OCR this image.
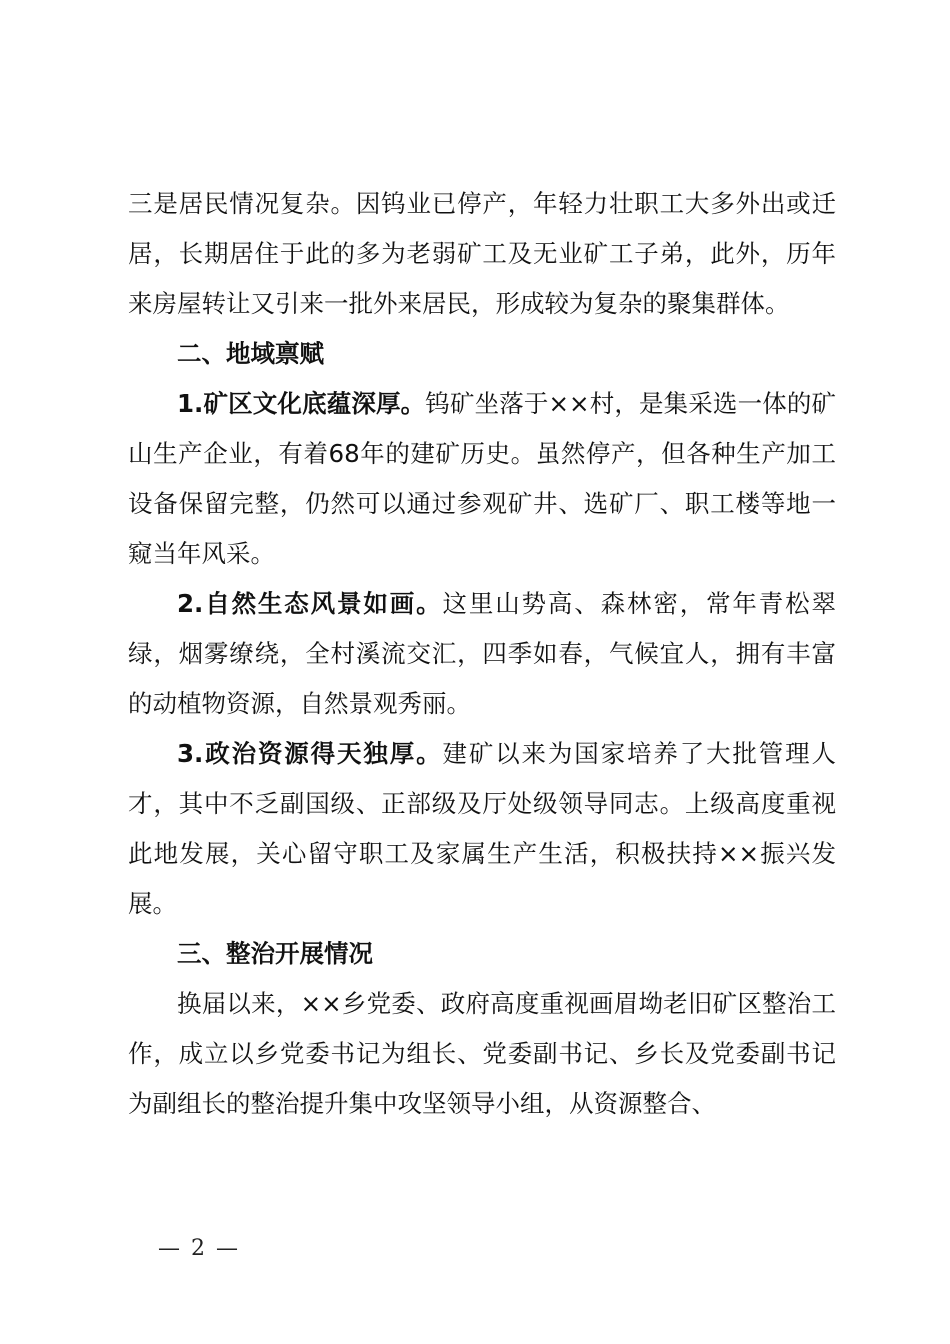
三是居民情况复杂。因钨业已停产，年轻力壮职工大多外出或迁居，长期居住于此的多为老弱矿工及无业矿工子弟，此外，历年来房屋转让又引来一批外来居民，形成较为复杂的聚集群体。

二、地域禀赋

1.矿区文化底蕴深厚。钨矿坐落于××村，是集采选一体的矿山生产企业，有着68年的建矿历史。虽然停产，但各种生产加工设备保留完整，仍然可以通过参观矿井、选矿厂、职工楼等地一窥当年风采。

2.自然生态风景如画。这里山势高、森林密，常年青松翠绿，烟雾缭绕，全村溪流交汇，四季如春，气候宜人，拥有丰富的动植物资源，自然景观秀丽。

3.政治资源得天独厚。建矿以来为国家培养了大批管理人才，其中不乏副国级、正部级及厅处级领导同志。上级高度重视此地发展，关心留守职工及家属生产生活，积极扶持××振兴发展。

三、整治开展情况

换届以来，××乡党委、政府高度重视画眉坳老旧矿区整治工作，成立以乡党委书记为组长、党委副书记、乡长及党委副书记为副组长的整治提升集中攻坚领导小组，从资源整合、

— 2 —
